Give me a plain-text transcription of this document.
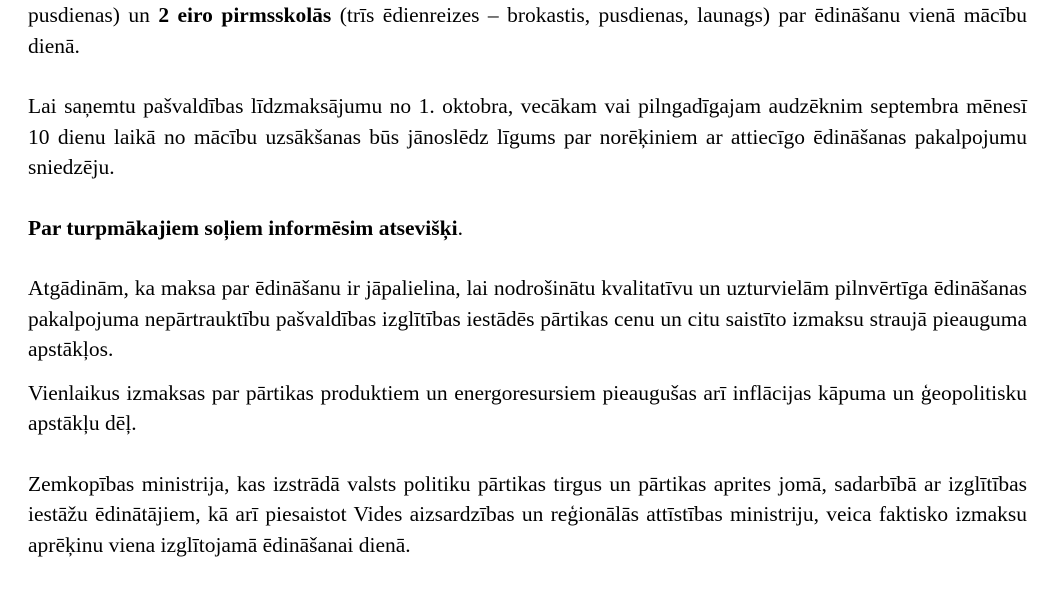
pusdienas) un 2 eiro pirmsskolās (trīs ēdienreizes – brokastis, pusdienas, launags) par ēdināšanu vienā mācību dienā.

Lai saņemtu pašvaldības līdzmaksājumu no 1. oktobra, vecākam vai pilngadīgajam audzēknim septembra mēnesī 10 dienu laikā no mācību uzsākšanas būs jānoslēdz līgums par norēķiniem ar attiecīgo ēdināšanas pakalpojumu sniedzēju.

Par turpmākajiem soļiem informēsim atsevišķi.

Atgādinām, ka maksa par ēdināšanu ir jāpalielina, lai nodrošinātu kvalitatīvu un uzturvielām pilnvērtīga ēdināšanas pakalpojuma nepārtrauktību pašvaldības izglītības iestādēs pārtikas cenu un citu saistīto izmaksu straujā pieauguma apstākļos.

Vienlaikus izmaksas par pārtikas produktiem un energoresursiem pieaugušas arī inflācijas kāpuma un ģeopolitisku apstākļu dēļ.

Zemkopības ministrija, kas izstrādā valsts politiku pārtikas tirgus un pārtikas aprites jomā, sadarbībā ar izglītības iestāžu ēdinātājiem, kā arī piesaistot Vides aizsardzības un reģionālās attīstības ministriju, veica faktisko izmaksu aprēķinu viena izglītojamā ēdināšanai dienā.
